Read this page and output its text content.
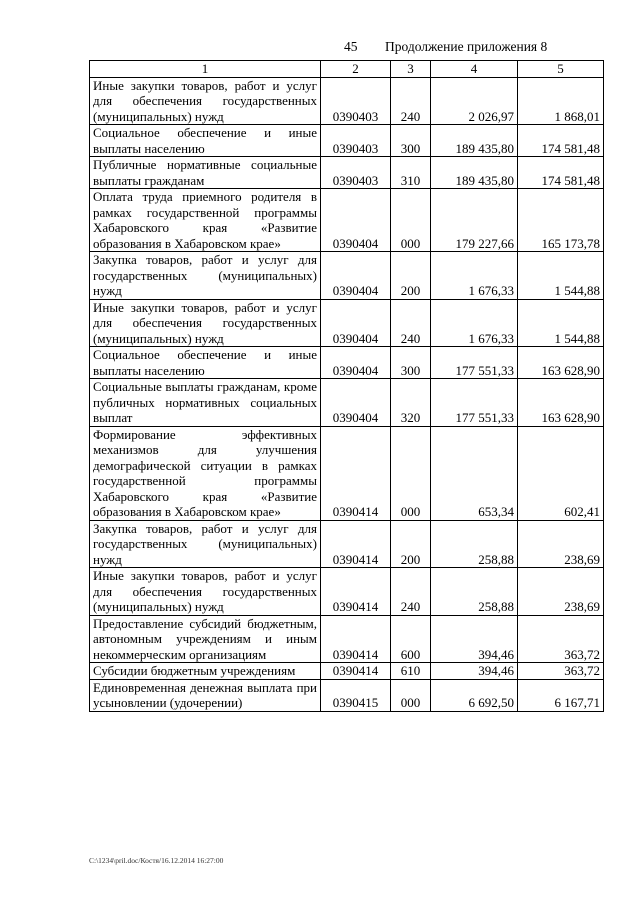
45 Продолжение приложения 8
1	2	3	4	5
Иные закупки товаров, работ и услуг для обеспечения государственных (муниципальных) нужд	0390403	240	2 026,97	1 868,01
Социальное обеспечение и иные выплаты населению	0390403	300	189 435,80	174 581,48
Публичные нормативные социальные выплаты гражданам	0390403	310	189 435,80	174 581,48
Оплата труда приемного родителя в рамках государственной программы Хабаровского края «Развитие образования в Хабаровском крае»	0390404	000	179 227,66	165 173,78
Закупка товаров, работ и услуг для государственных (муниципальных) нужд	0390404	200	1 676,33	1 544,88
Иные закупки товаров, работ и услуг для обеспечения государственных (муниципальных) нужд	0390404	240	1 676,33	1 544,88
Социальное обеспечение и иные выплаты населению	0390404	300	177 551,33	163 628,90
Социальные выплаты гражданам, кроме публичных нормативных социальных выплат	0390404	320	177 551,33	163 628,90
Формирование эффективных механизмов для улучшения демографической ситуации в рамках государственной программы Хабаровского края «Развитие образования в Хабаровском крае»	0390414	000	653,34	602,41
Закупка товаров, работ и услуг для государственных (муниципальных) нужд	0390414	200	258,88	238,69
Иные закупки товаров, работ и услуг для обеспечения государственных (муниципальных) нужд	0390414	240	258,88	238,69
Предоставление субсидий бюджетным, автономным учреждениям и иным некоммерческим организациям	0390414	600	394,46	363,72
Субсидии бюджетным учреждениям	0390414	610	394,46	363,72
Единовременная денежная выплата при усыновлении (удочерении)	0390415	000	6 692,50	6 167,71
C:\1234\pril.doc/Костя/16.12.2014 16:27:00
